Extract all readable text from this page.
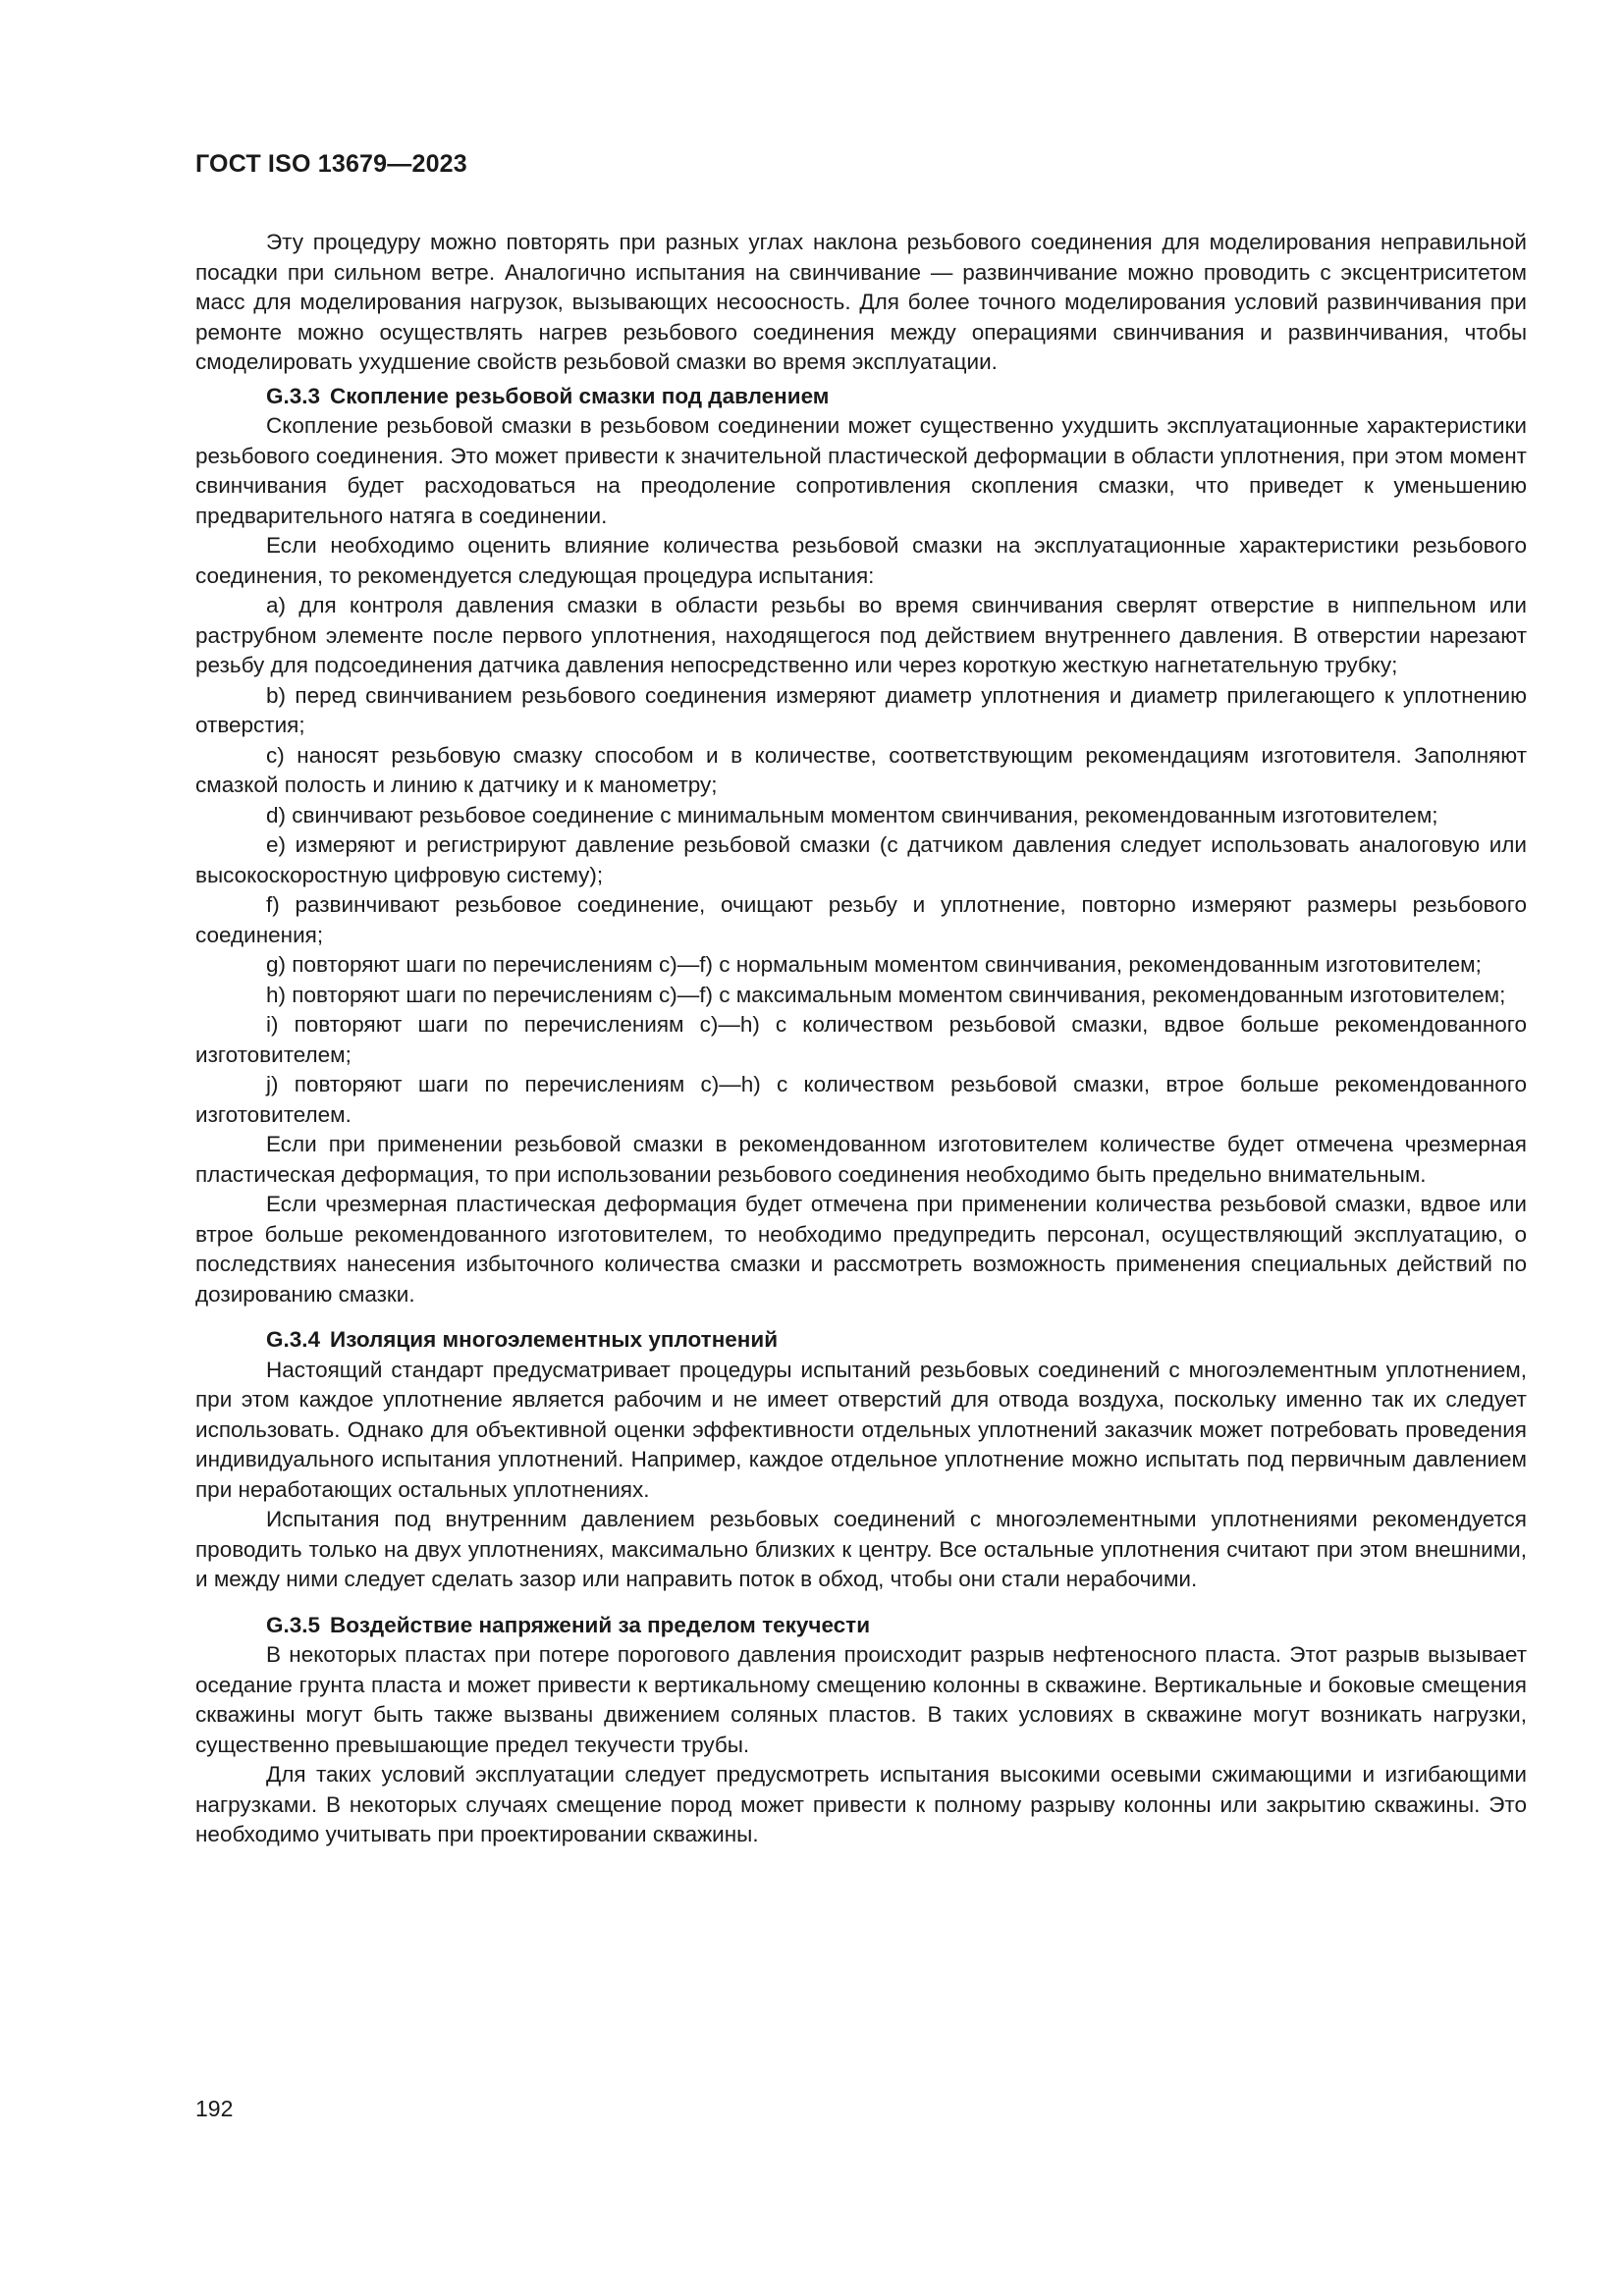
ГОСТ ISO 13679—2023

Эту процедуру можно повторять при разных углах наклона резьбового соединения для моделирования неправильной посадки при сильном ветре. Аналогично испытания на свинчивание — развинчивание можно проводить с эксцентриситетом масс для моделирования нагрузок, вызывающих несоосность. Для более точного моделирования условий развинчивания при ремонте можно осуществлять нагрев резьбового соединения между операциями свинчивания и развинчивания, чтобы смоделировать ухудшение свойств резьбовой смазки во время эксплуатации.

G.3.3 Скопление резьбовой смазки под давлением

Скопление резьбовой смазки в резьбовом соединении может существенно ухудшить эксплуатационные характеристики резьбового соединения. Это может привести к значительной пластической деформации в области уплотнения, при этом момент свинчивания будет расходоваться на преодоление сопротивления скопления смазки, что приведет к уменьшению предварительного натяга в соединении.

Если необходимо оценить влияние количества резьбовой смазки на эксплуатационные характеристики резьбового соединения, то рекомендуется следующая процедура испытания:

a) для контроля давления смазки в области резьбы во время свинчивания сверлят отверстие в ниппельном или раструбном элементе после первого уплотнения, находящегося под действием внутреннего давления. В отверстии нарезают резьбу для подсоединения датчика давления непосредственно или через короткую жесткую нагнетательную трубку;

b) перед свинчиванием резьбового соединения измеряют диаметр уплотнения и диаметр прилегающего к уплотнению отверстия;

c) наносят резьбовую смазку способом и в количестве, соответствующим рекомендациям изготовителя. Заполняют смазкой полость и линию к датчику и к манометру;

d) свинчивают резьбовое соединение с минимальным моментом свинчивания, рекомендованным изготовителем;

e) измеряют и регистрируют давление резьбовой смазки (с датчиком давления следует использовать аналоговую или высокоскоростную цифровую систему);

f) развинчивают резьбовое соединение, очищают резьбу и уплотнение, повторно измеряют размеры резьбового соединения;

g) повторяют шаги по перечислениям c)—f) с нормальным моментом свинчивания, рекомендованным изготовителем;

h) повторяют шаги по перечислениям c)—f) с максимальным моментом свинчивания, рекомендованным изготовителем;

i) повторяют шаги по перечислениям c)—h) с количеством резьбовой смазки, вдвое больше рекомендованного изготовителем;

j) повторяют шаги по перечислениям c)—h) с количеством резьбовой смазки, втрое больше рекомендованного изготовителем.

Если при применении резьбовой смазки в рекомендованном изготовителем количестве будет отмечена чрезмерная пластическая деформация, то при использовании резьбового соединения необходимо быть предельно внимательным.

Если чрезмерная пластическая деформация будет отмечена при применении количества резьбовой смазки, вдвое или втрое больше рекомендованного изготовителем, то необходимо предупредить персонал, осуществляющий эксплуатацию, о последствиях нанесения избыточного количества смазки и рассмотреть возможность применения специальных действий по дозированию смазки.

G.3.4 Изоляция многоэлементных уплотнений

Настоящий стандарт предусматривает процедуры испытаний резьбовых соединений с многоэлементным уплотнением, при этом каждое уплотнение является рабочим и не имеет отверстий для отвода воздуха, поскольку именно так их следует использовать. Однако для объективной оценки эффективности отдельных уплотнений заказчик может потребовать проведения индивидуального испытания уплотнений. Например, каждое отдельное уплотнение можно испытать под первичным давлением при неработающих остальных уплотнениях.

Испытания под внутренним давлением резьбовых соединений с многоэлементными уплотнениями рекомендуется проводить только на двух уплотнениях, максимально близких к центру. Все остальные уплотнения считают при этом внешними, и между ними следует сделать зазор или направить поток в обход, чтобы они стали нерабочими.

G.3.5 Воздействие напряжений за пределом текучести

В некоторых пластах при потере порогового давления происходит разрыв нефтеносного пласта. Этот разрыв вызывает оседание грунта пласта и может привести к вертикальному смещению колонны в скважине. Вертикальные и боковые смещения скважины могут быть также вызваны движением соляных пластов. В таких условиях в скважине могут возникать нагрузки, существенно превышающие предел текучести трубы.

Для таких условий эксплуатации следует предусмотреть испытания высокими осевыми сжимающими и изгибающими нагрузками. В некоторых случаях смещение пород может привести к полному разрыву колонны или закрытию скважины. Это необходимо учитывать при проектировании скважины.

192
